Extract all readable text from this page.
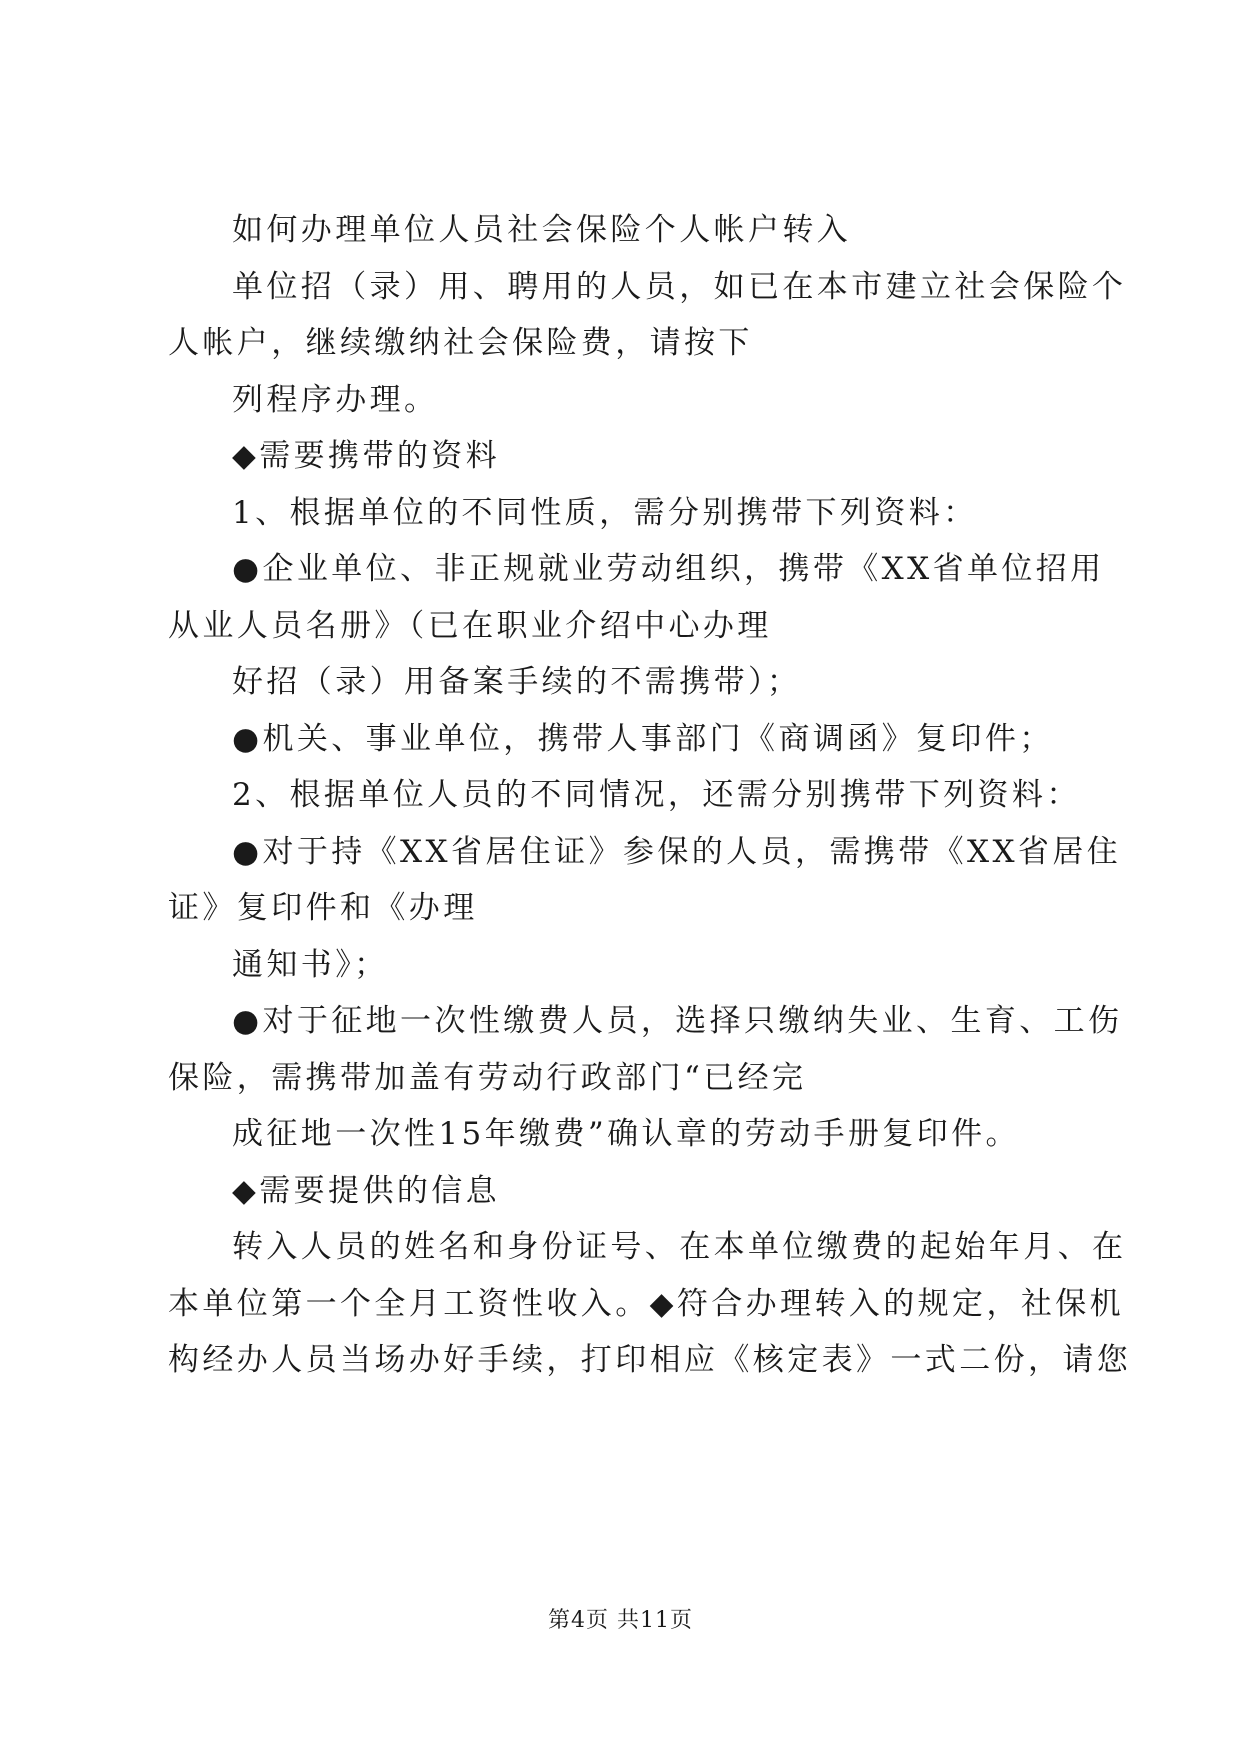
如何办理单位人员社会保险个人帐户转入
单位招（录）用、聘用的人员，如已在本市建立社会保险个
人帐户，继续缴纳社会保险费，请按下
列程序办理。
◆需要携带的资料
1、根据单位的不同性质，需分别携带下列资料：
●企业单位、非正规就业劳动组织，携带《XX省单位招用
从业人员名册》（已在职业介绍中心办理
好招（录）用备案手续的不需携带）；
●机关、事业单位，携带人事部门《商调函》复印件；
2、根据单位人员的不同情况，还需分别携带下列资料：
●对于持《XX省居住证》参保的人员，需携带《XX省居住
证》复印件和《办理
通知书》；
●对于征地一次性缴费人员，选择只缴纳失业、生育、工伤
保险，需携带加盖有劳动行政部门“已经完
成征地一次性15年缴费”确认章的劳动手册复印件。
◆需要提供的信息
转入人员的姓名和身份证号、在本单位缴费的起始年月、在
本单位第一个全月工资性收入。◆符合办理转入的规定，社保机
构经办人员当场办好手续，打印相应《核定表》一式二份，请您
第4页 共11页
